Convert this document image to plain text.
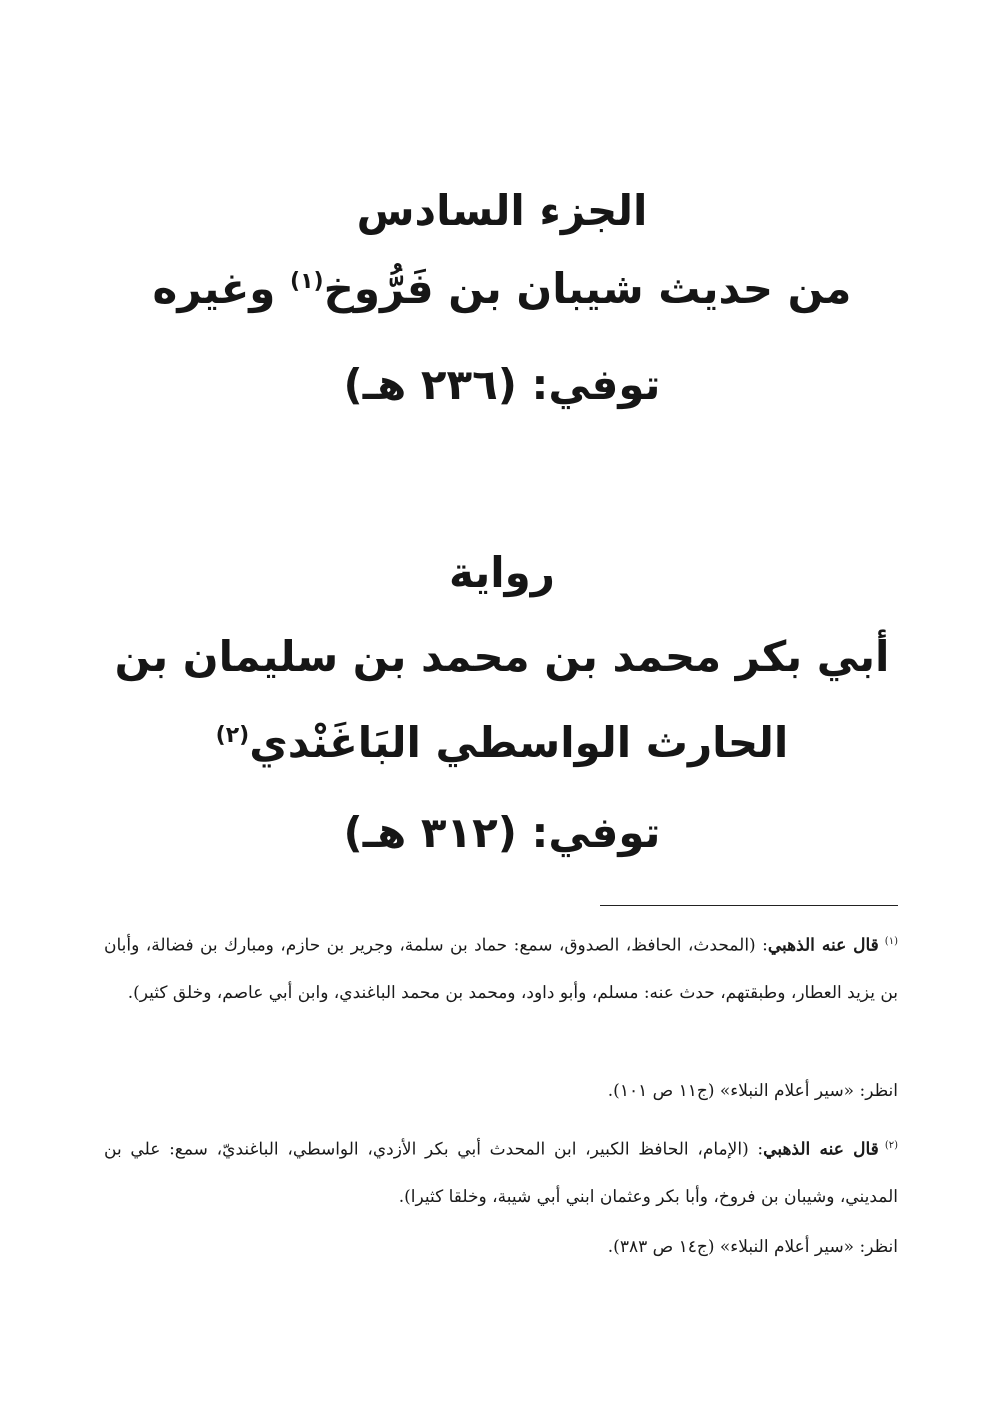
الجزء السادس
من حديث شيبان بن فَرُّوخ$^{(١)}$ وغيره
توفي: (٢٣٦ هـ)
رواية
أبي بكر محمد بن محمد بن سليمان بن
الحارث الواسطي البَاغَنْدي$^{(٢)}$
توفي: (٣١٢ هـ)
$^{(١)}$قال عنه الذهبي: (المحدث، الحافظ، الصدوق، سمع: حماد بن سلمة، وجرير بن حازم، ومبارك بن فضالة، وأبان بن يزيد العطار، وطبقتهم، حدث عنه: مسلم، وأبو داود، ومحمد بن محمد الباغندي، وابن أبي عاصم، وخلق كثير).
انظر: «سير أعلام النبلاء» (ج١١ ص ١٠١).
$^{(٢)}$قال عنه الذهبي: (الإمام، الحافظ الكبير، ابن المحدث أبي بكر الأزدي، الواسطي، الباغنديّ، سمع: علي بن المديني، وشيبان بن فروخ، وأبا بكر وعثمان ابني أبي شيبة، وخلقا كثيرا).
انظر: «سير أعلام النبلاء» (ج١٤ ص ٣٨٣).
